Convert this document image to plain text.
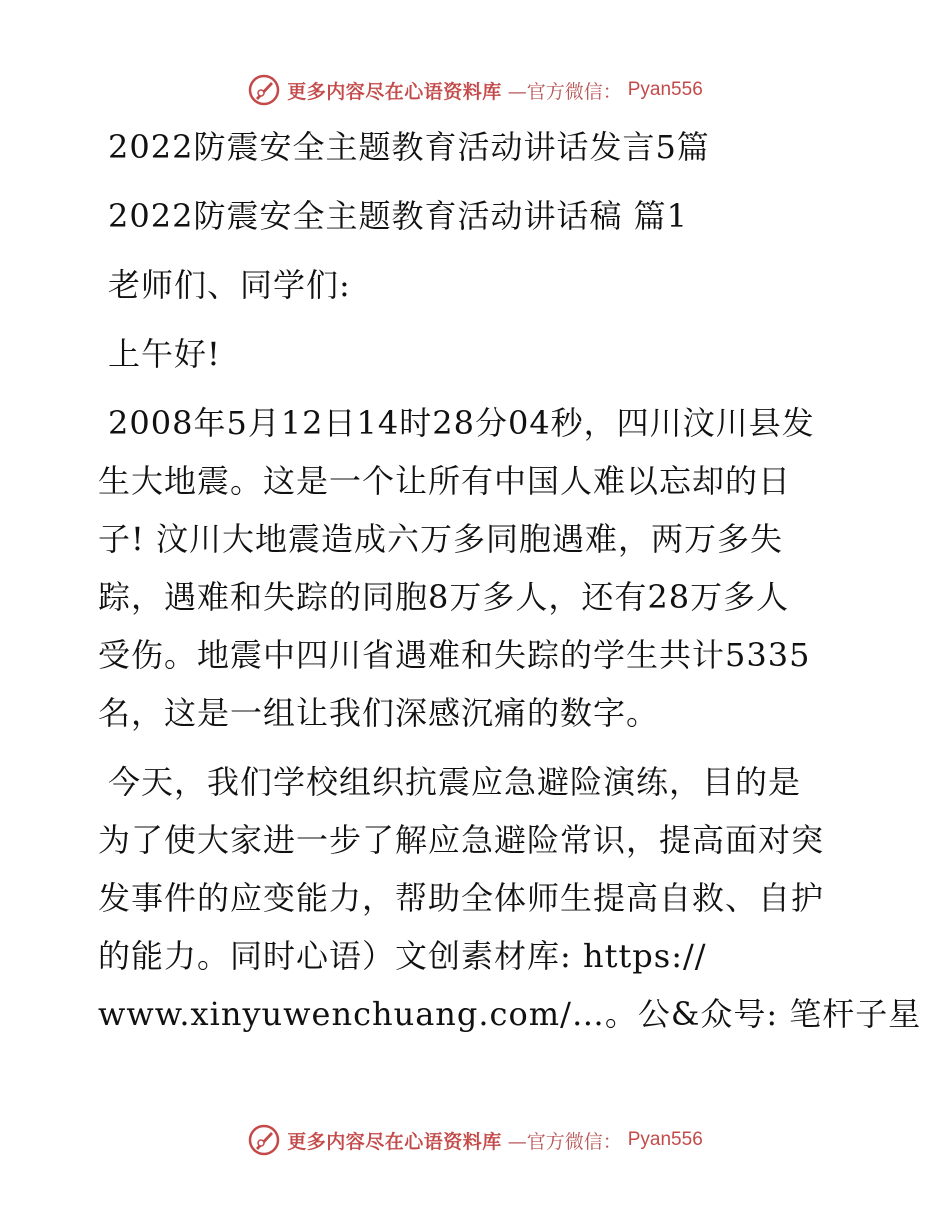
更多内容尽在心语资料库 —官方微信： Pyan556
2022防震安全主题教育活动讲话发言5篇
2022防震安全主题教育活动讲话稿 篇1
老师们、同学们:
上午好!
2008年5月12日14时28分04秒，四川汶川县发
生大地震。这是一个让所有中国人难以忘却的日
子! 汶川大地震造成六万多同胞遇难，两万多失
踪，遇难和失踪的同胞8万多人，还有28万多人
受伤。地震中四川省遇难和失踪的学生共计5335
名，这是一组让我们深感沉痛的数字。
今天，我们学校组织抗震应急避险演练，目的是
为了使大家进一步了解应急避险常识，提高面对突
发事件的应变能力，帮助全体师生提高自救、自护
的能力。同时心语）文创素材库: https://
www.xinyuwenchuang.com/…。公&众号: 笔杆子星
更多内容尽在心语资料库 —官方微信： Pyan556
